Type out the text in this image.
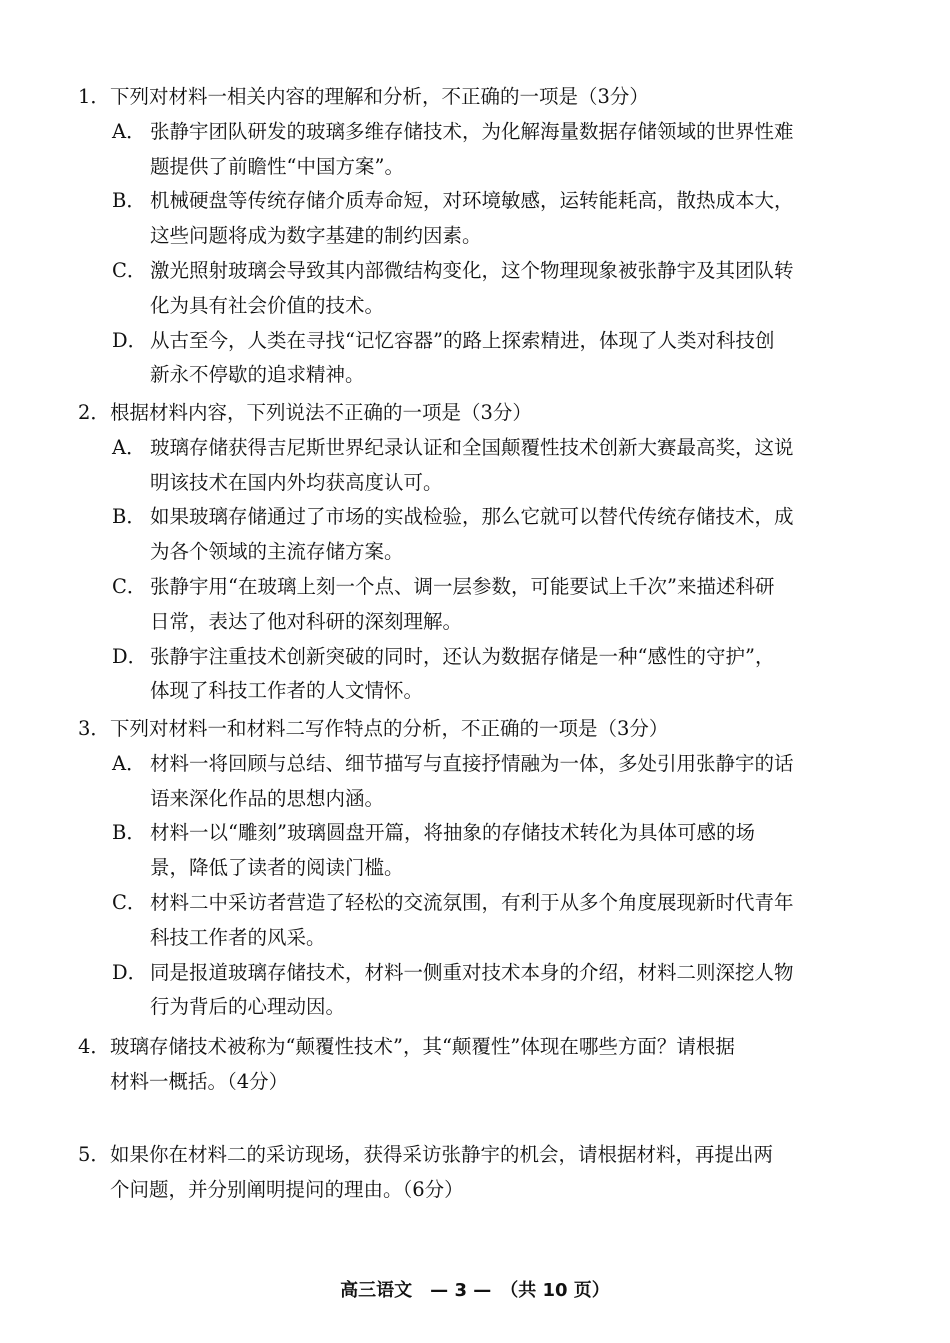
1．下列对材料一相关内容的理解和分析，不正确的一项是（3分）
A． 张静宇团队研发的玻璃多维存储技术，为化解海量数据存储领域的世界性难
题提供了前瞻性“中国方案”。
B． 机械硬盘等传统存储介质寿命短，对环境敏感，运转能耗高，散热成本大，
这些问题将成为数字基建的制约因素。
C． 激光照射玻璃会导致其内部微结构变化，这个物理现象被张静宇及其团队转
化为具有社会价值的技术。
D． 从古至今，人类在寻找“记忆容器”的路上探索精进，体现了人类对科技创
新永不停歇的追求精神。
2．根据材料内容，下列说法不正确的一项是（3分）
A． 玻璃存储获得吉尼斯世界纪录认证和全国颠覆性技术创新大赛最高奖，这说
明该技术在国内外均获高度认可。
B． 如果玻璃存储通过了市场的实战检验，那么它就可以替代传统存储技术，成
为各个领域的主流存储方案。
C． 张静宇用“在玻璃上刻一个点、调一层参数，可能要试上千次”来描述科研
日常，表达了他对科研的深刻理解。
D． 张静宇注重技术创新突破的同时，还认为数据存储是一种“感性的守护”，
体现了科技工作者的人文情怀。
3．下列对材料一和材料二写作特点的分析，不正确的一项是（3分）
A． 材料一将回顾与总结、细节描写与直接抒情融为一体，多处引用张静宇的话
语来深化作品的思想内涵。
B． 材料一以“雕刻”玻璃圆盘开篇，将抽象的存储技术转化为具体可感的场
景，降低了读者的阅读门槛。
C． 材料二中采访者营造了轻松的交流氛围，有利于从多个角度展现新时代青年
科技工作者的风采。
D． 同是报道玻璃存储技术，材料一侧重对技术本身的介绍，材料二则深挖人物
行为背后的心理动因。
4．玻璃存储技术被称为“颠覆性技术”，其“颠覆性”体现在哪些方面？请根据
材料一概括。（4分）
5．如果你在材料二的采访现场，获得采访张静宇的机会，请根据材料，再提出两
个问题，并分别阐明提问的理由。（6分）
高三语文　— 3 —　（共 10 页）
